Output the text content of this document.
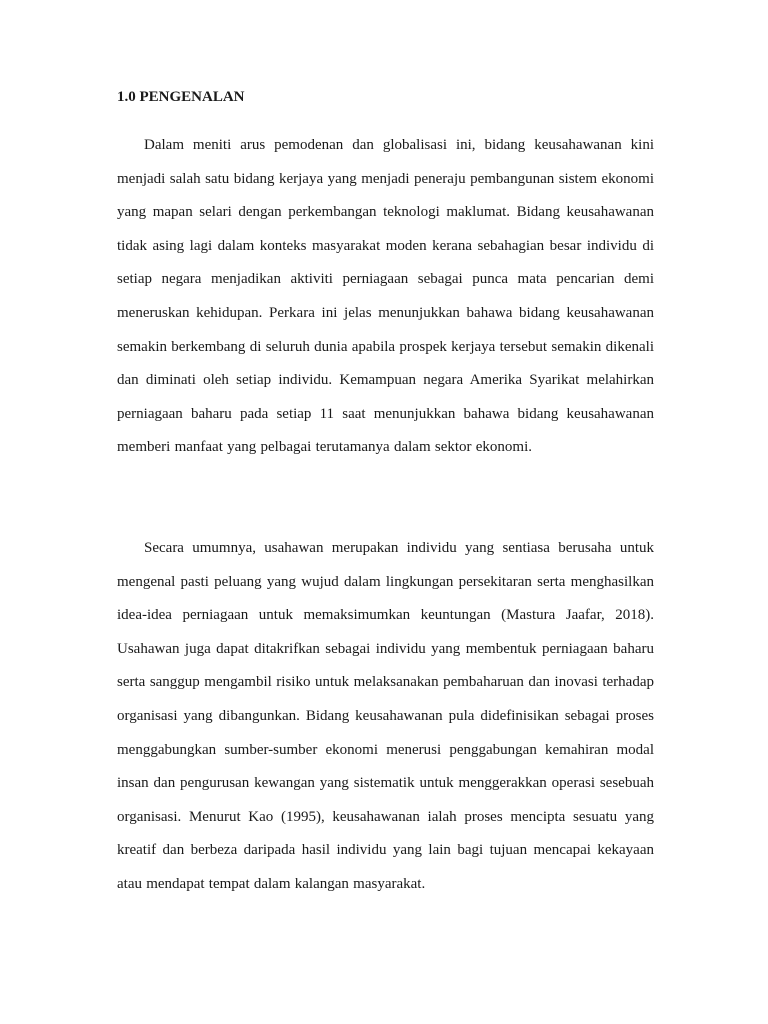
1.0 PENGENALAN

Dalam meniti arus pemodenan dan globalisasi ini, bidang keusahawanan kini menjadi salah satu bidang kerjaya yang menjadi peneraju pembangunan sistem ekonomi yang mapan selari dengan perkembangan teknologi maklumat. Bidang keusahawanan tidak asing lagi dalam konteks masyarakat moden kerana sebahagian besar individu di setiap negara menjadikan aktiviti perniagaan sebagai punca mata pencarian demi meneruskan kehidupan. Perkara ini jelas menunjukkan bahawa bidang keusahawanan semakin berkembang di seluruh dunia apabila prospek kerjaya tersebut semakin dikenali dan diminati oleh setiap individu. Kemampuan negara Amerika Syarikat melahirkan perniagaan baharu pada setiap 11 saat menunjukkan bahawa bidang keusahawanan memberi manfaat yang pelbagai terutamanya dalam sektor ekonomi.

Secara umumnya, usahawan merupakan individu yang sentiasa berusaha untuk mengenal pasti peluang yang wujud dalam lingkungan persekitaran serta menghasilkan idea-idea perniagaan untuk memaksimumkan keuntungan (Mastura Jaafar, 2018). Usahawan juga dapat ditakrifkan sebagai individu yang membentuk perniagaan baharu serta sanggup mengambil risiko untuk melaksanakan pembaharuan dan inovasi terhadap organisasi yang dibangunkan. Bidang keusahawanan pula didefinisikan sebagai proses menggabungkan sumber-sumber ekonomi menerusi penggabungan kemahiran modal insan dan pengurusan kewangan yang sistematik untuk menggerakkan operasi sesebuah organisasi. Menurut Kao (1995), keusahawanan ialah proses mencipta sesuatu yang kreatif dan berbeza daripada hasil individu yang lain bagi tujuan mencapai kekayaan atau mendapat tempat dalam kalangan masyarakat.
